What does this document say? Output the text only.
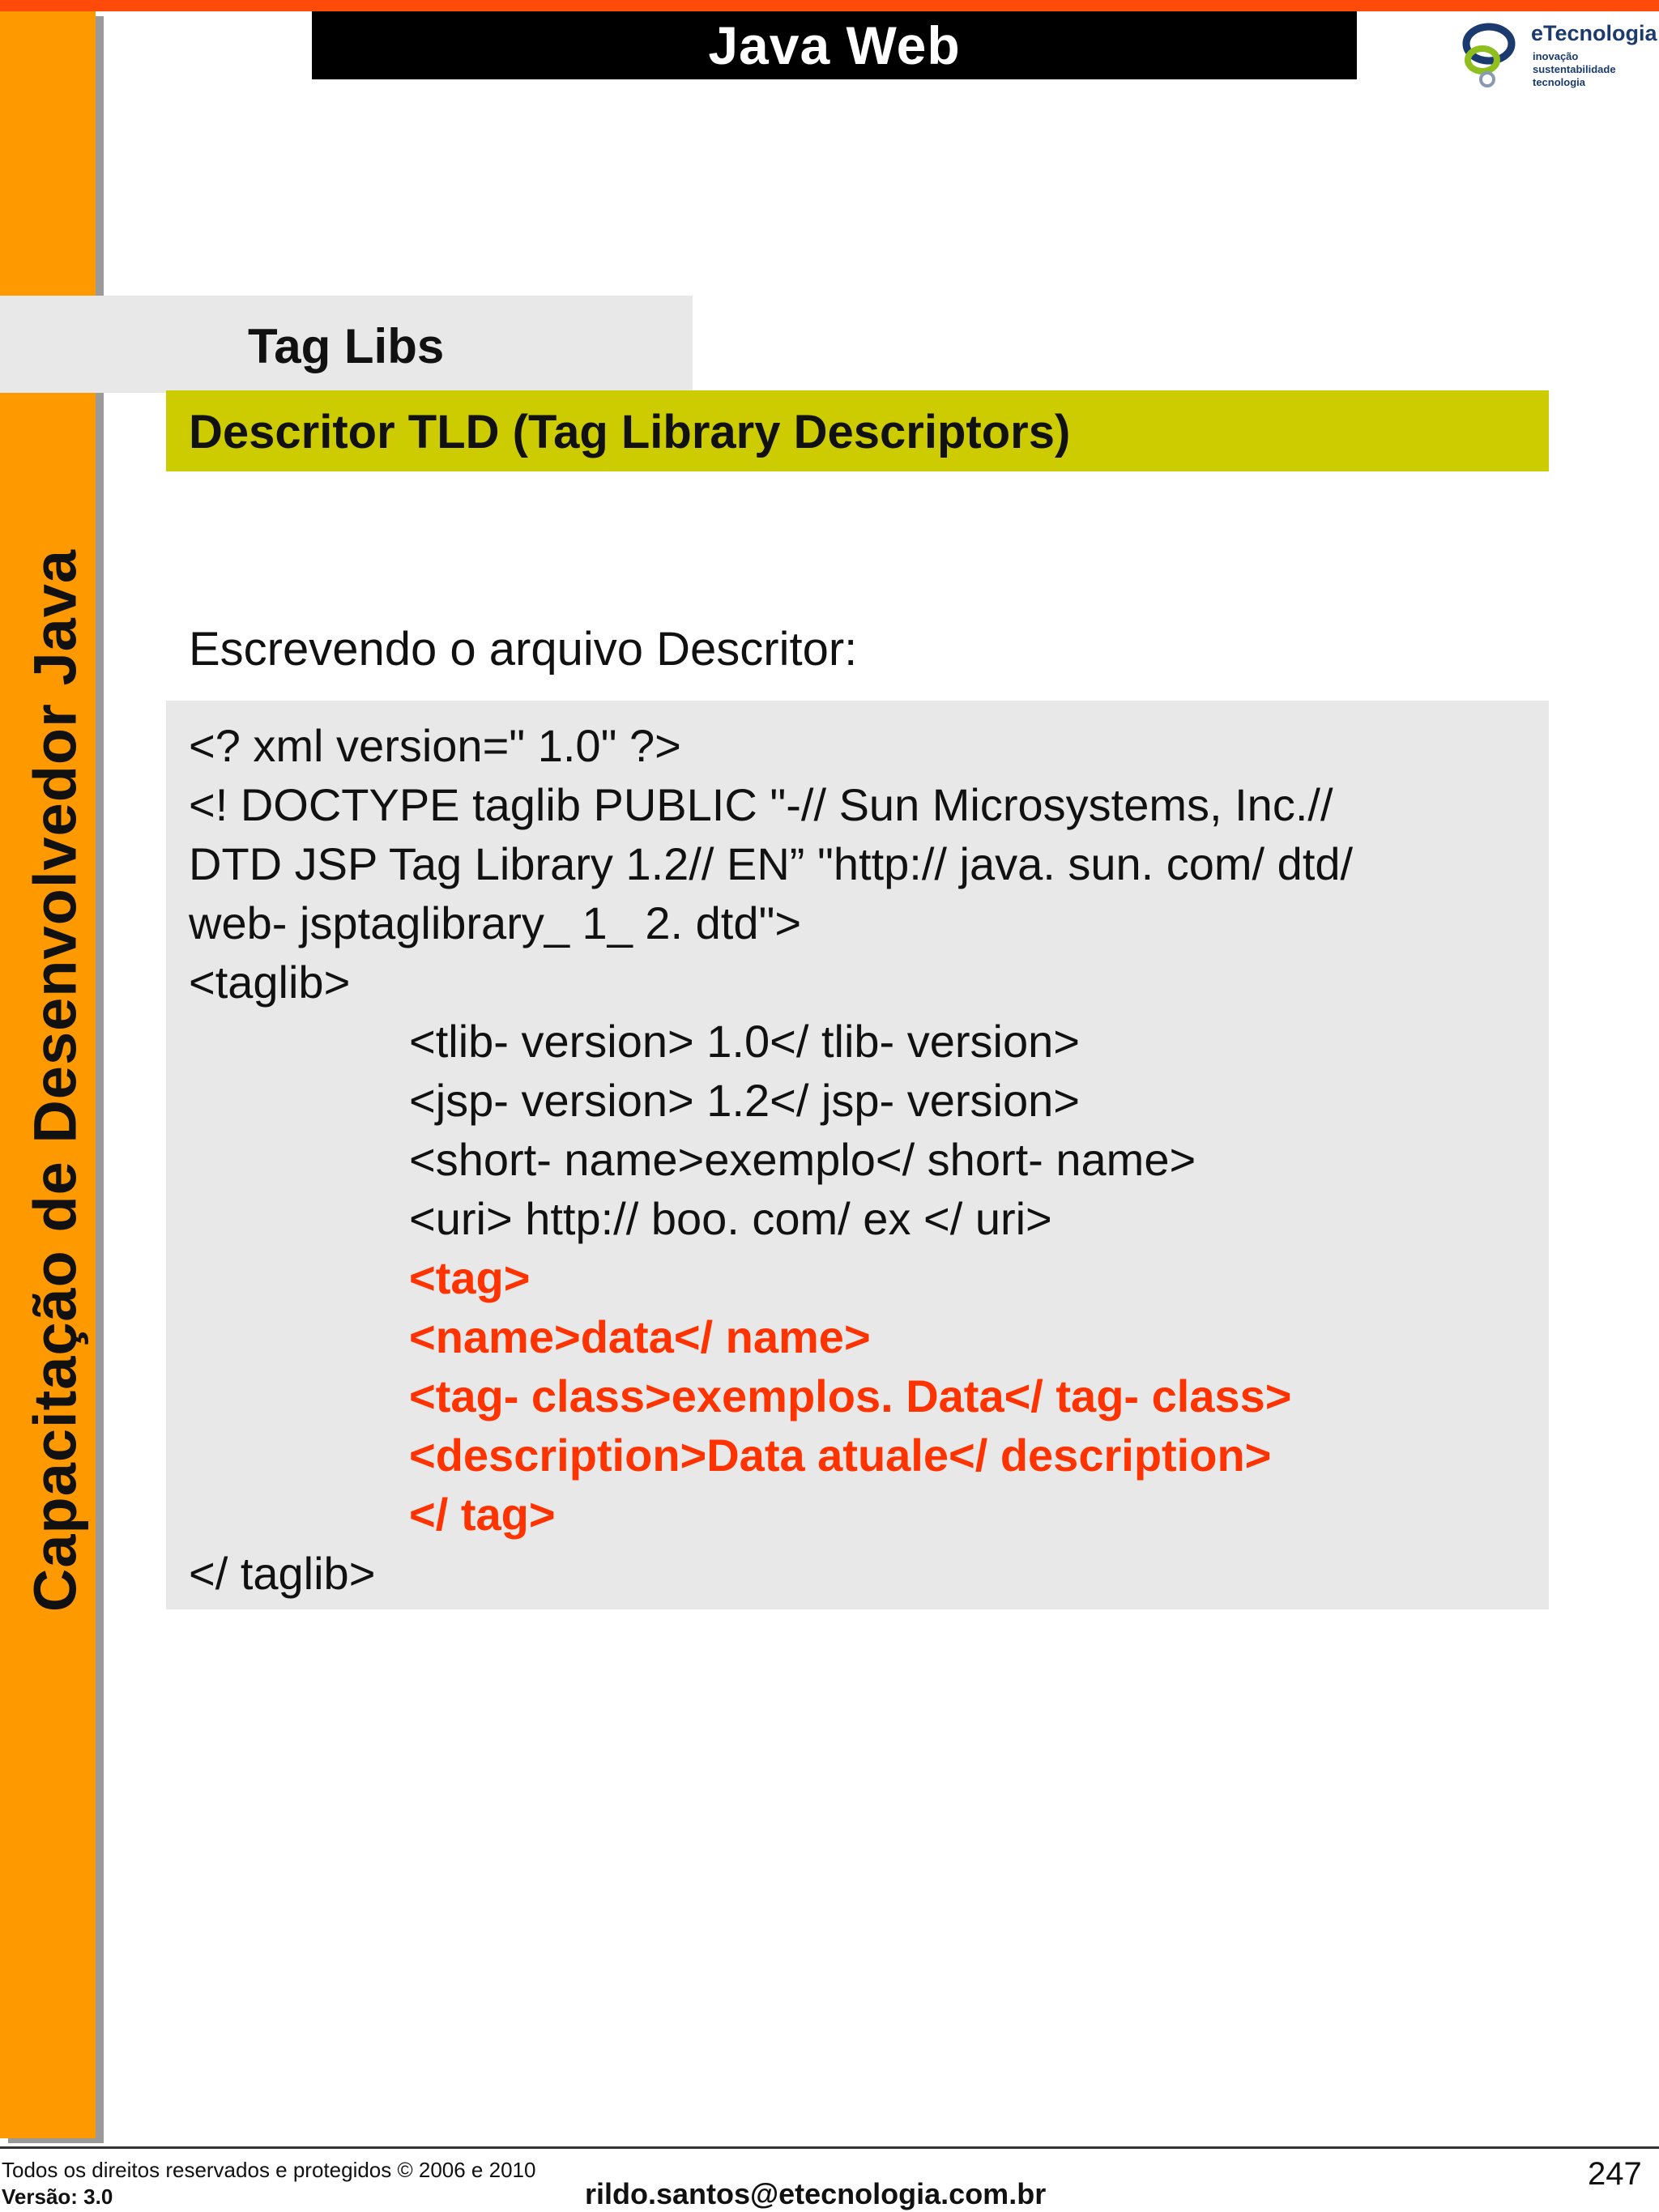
Capacitação de Desenvolvedor Java
Java Web	eTecnologia
inovação
sustentabilidade
tecnologia
Tag Libs
Descritor TLD (Tag Library Descriptors)
Escrevendo o arquivo Descritor:
<? xml version=" 1.0" ?>
<! DOCTYPE taglib PUBLIC "-// Sun Microsystems, Inc.//
DTD JSP Tag Library 1.2// EN” "http:// java. sun. com/ dtd/
web- jsptaglibrary_ 1_ 2. dtd">
<taglib>
<tlib- version> 1.0</ tlib- version>
<jsp- version> 1.2</ jsp- version>
<short- name>exemplo</ short- name>
<uri> http:// boo. com/ ex </ uri>
<tag>
<name>data</ name>
<tag- class>exemplos. Data</ tag- class>
<description>Data atuale</ description>
</ tag>
</ taglib>
Todos os direitos reservados e protegidos © 2006 e 2010
Versão: 3.0	rildo.santos@etecnologia.com.br
247
